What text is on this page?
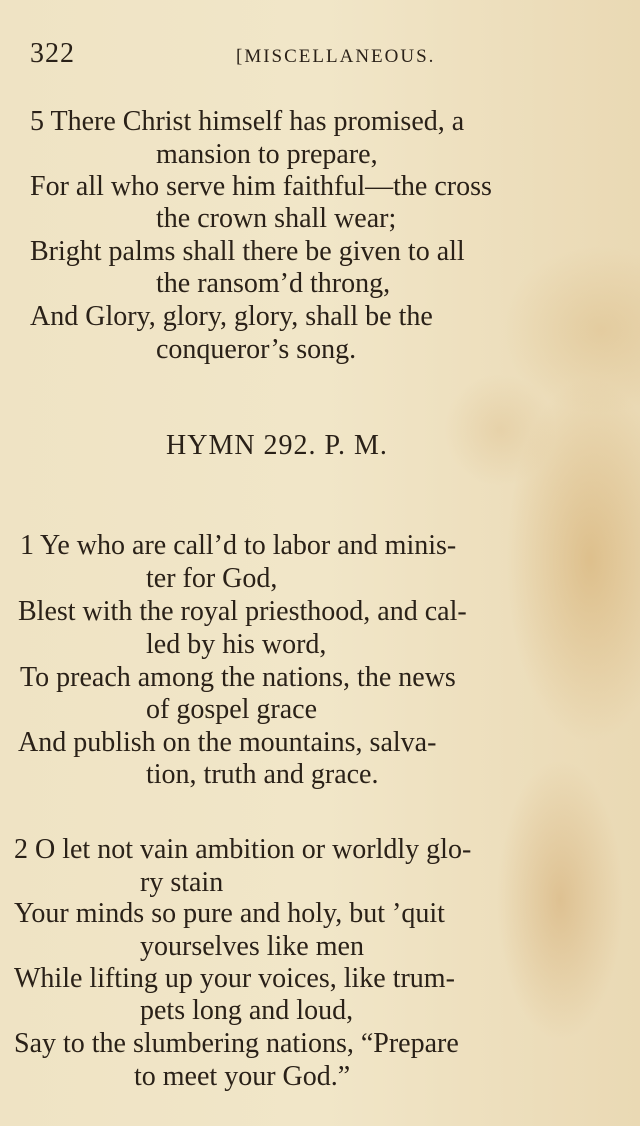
322	[MISCELLANEOUS.
5 There Christ himself has promised, a
mansion to prepare,
For all who serve him faithful—the cross
the crown shall wear;
Bright palms shall there be given to all
the ransom’d throng,
And Glory, glory, glory, shall be the
conqueror’s song.
HYMN 292. P. M.
1 Ye who are call’d to labor and minis-
ter for God,
Blest with the royal priesthood, and cal-
led by his word,
To preach among the nations, the news
of gospel grace
And publish on the mountains, salva-
tion, truth and grace.
2 O let not vain ambition or worldly glo-
ry stain
Your minds so pure and holy, but ’quit
yourselves like men
While lifting up your voices, like trum-
pets long and loud,
Say to the slumbering nations, “Prepare
to meet your God.”
